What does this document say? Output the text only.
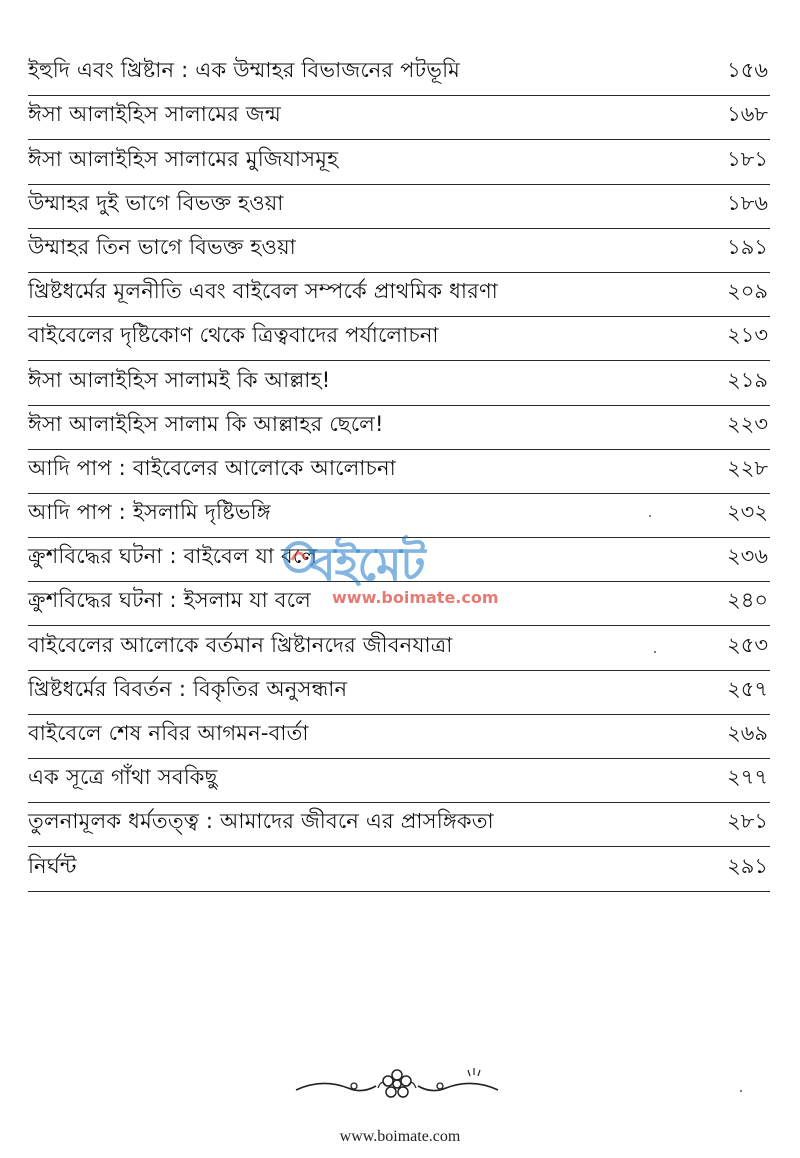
ইহুদি এবং খ্রিষ্টান : এক উম্মাহর বিভাজনের পটভূমি	১৫৬
ঈসা আলাইহিস সালামের জন্ম	১৬৮
ঈসা আলাইহিস সালামের মুজিযাসমূহ	১৮১
উম্মাহর দুই ভাগে বিভক্ত হওয়া	১৮৬
উম্মাহর তিন ভাগে বিভক্ত হওয়া	১৯১
খ্রিষ্টধর্মের মূলনীতি এবং বাইবেল সম্পর্কে প্রাথমিক ধারণা	২০৯
বাইবেলের দৃষ্টিকোণ থেকে ত্রিত্ববাদের পর্যালোচনা	২১৩
ঈসা আলাইহিস সালামই কি আল্লাহ!	২১৯
ঈসা আলাইহিস সালাম কি আল্লাহর ছেলে!	২২৩
আদি পাপ : বাইবেলের আলোকে আলোচনা	২২৮
আদি পাপ : ইসলামি দৃষ্টিভঙ্গি	২৩২
ক্রুশবিদ্ধের ঘটনা : বাইবেল যা বলে	২৩৬
ক্রুশবিদ্ধের ঘটনা : ইসলাম যা বলে	২৪০
বাইবেলের আলোকে বর্তমান খ্রিষ্টানদের জীবনযাত্রা	২৫৩
খ্রিষ্টধর্মের বিবর্তন : বিকৃতির অনুসন্ধান	২৫৭
বাইবেলে শেষ নবির আগমন-বার্তা	২৬৯
এক সূত্রে গাঁথা সবকিছু	২৭৭
তুলনামূলক ধর্মতত্ত্ব : আমাদের জীবনে এর প্রাসঙ্গিকতা	২৮১
নির্ঘন্ট	২৯১
বইমেট
www.boimate.com
www.boimate.com
